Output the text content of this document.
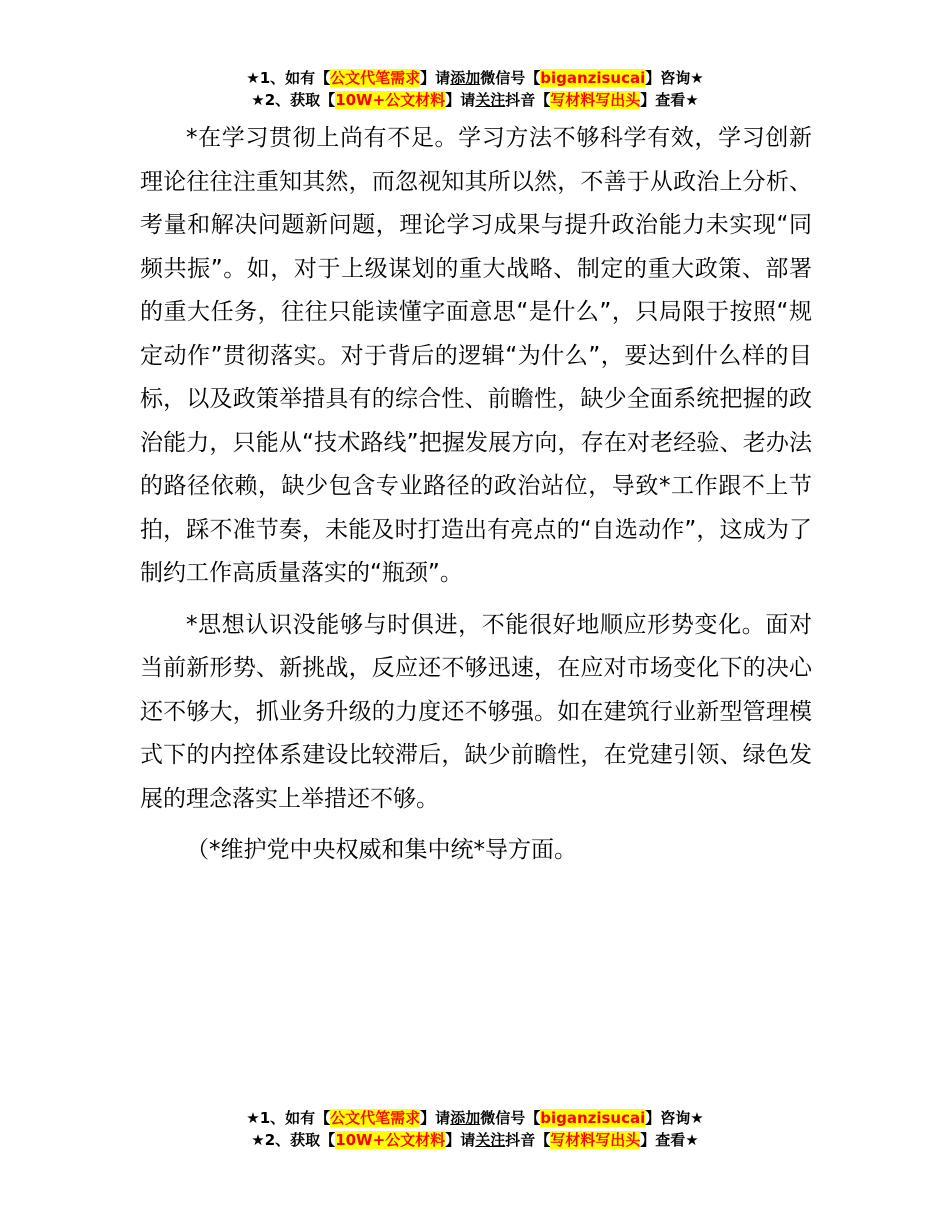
★1、如有【公文代笔需求】请添加微信号【biganzisucai】咨询★
★2、获取【10W+公文材料】请关注抖音【写材料写出头】查看★

*在学习贯彻上尚有不足。学习方法不够科学有效，学习创新理论往往注重知其然，而忽视知其所以然，不善于从政治上分析、考量和解决问题新问题，理论学习成果与提升政治能力未实现“同频共振”。如，对于上级谋划的重大战略、制定的重大政策、部署的重大任务，往往只能读懂字面意思“是什么”，只局限于按照“规定动作”贯彻落实。对于背后的逻辑“为什么”，要达到什么样的目标，以及政策举措具有的综合性、前瞻性，缺少全面系统把握的政治能力，只能从“技术路线”把握发展方向，存在对老经验、老办法的路径依赖，缺少包含专业路径的政治站位，导致*工作跟不上节拍，踩不准节奏，未能及时打造出有亮点的“自选动作”，这成为了制约工作高质量落实的“瓶颈”。

*思想认识没能够与时俱进，不能很好地顺应形势变化。面对当前新形势、新挑战，反应还不够迅速，在应对市场变化下的决心还不够大，抓业务升级的力度还不够强。如在建筑行业新型管理模式下的内控体系建设比较滞后，缺少前瞻性，在党建引领、绿色发展的理念落实上举措还不够。

（*维护党中央权威和集中统*导方面。

★1、如有【公文代笔需求】请添加微信号【biganzisucai】咨询★
★2、获取【10W+公文材料】请关注抖音【写材料写出头】查看★
